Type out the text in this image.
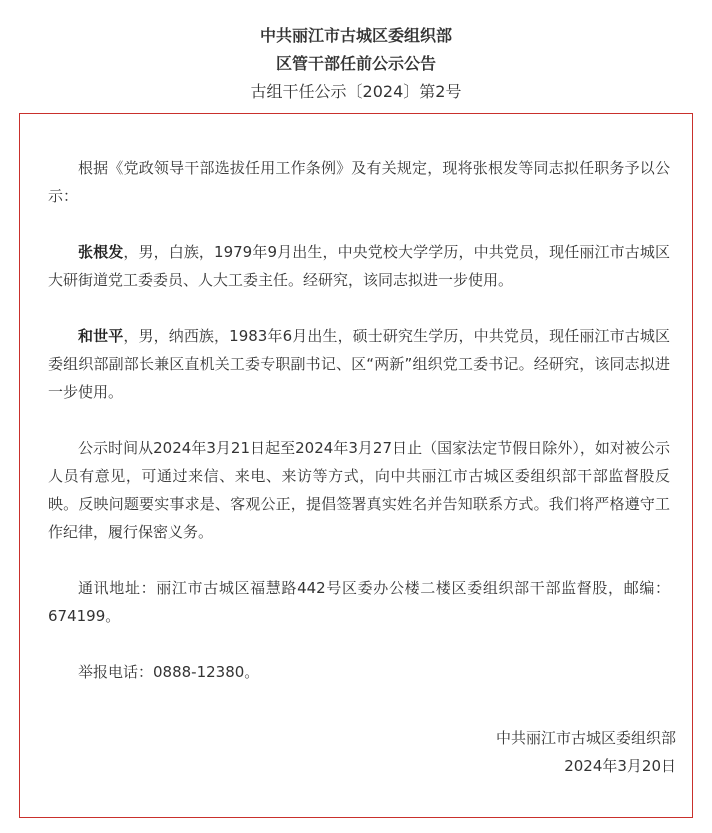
中共丽江市古城区委组织部
区管干部任前公示公告
古组干任公示〔2024〕第2号

根据《党政领导干部选拔任用工作条例》及有关规定，现将张根发等同志拟任职务予以公示：

张根发，男，白族，1979年9月出生，中央党校大学学历，中共党员，现任丽江市古城区大研街道党工委委员、人大工委主任。经研究，该同志拟进一步使用。

和世平，男，纳西族，1983年6月出生，硕士研究生学历，中共党员，现任丽江市古城区委组织部副部长兼区直机关工委专职副书记、区“两新”组织党工委书记。经研究，该同志拟进一步使用。

公示时间从2024年3月21日起至2024年3月27日止（国家法定节假日除外），如对被公示人员有意见，可通过来信、来电、来访等方式，向中共丽江市古城区委组织部干部监督股反映。反映问题要实事求是、客观公正，提倡签署真实姓名并告知联系方式。我们将严格遵守工作纪律，履行保密义务。

通讯地址：丽江市古城区福慧路442号区委办公楼二楼区委组织部干部监督股，邮编：674199。

举报电话：0888-12380。

中共丽江市古城区委组织部
2024年3月20日
